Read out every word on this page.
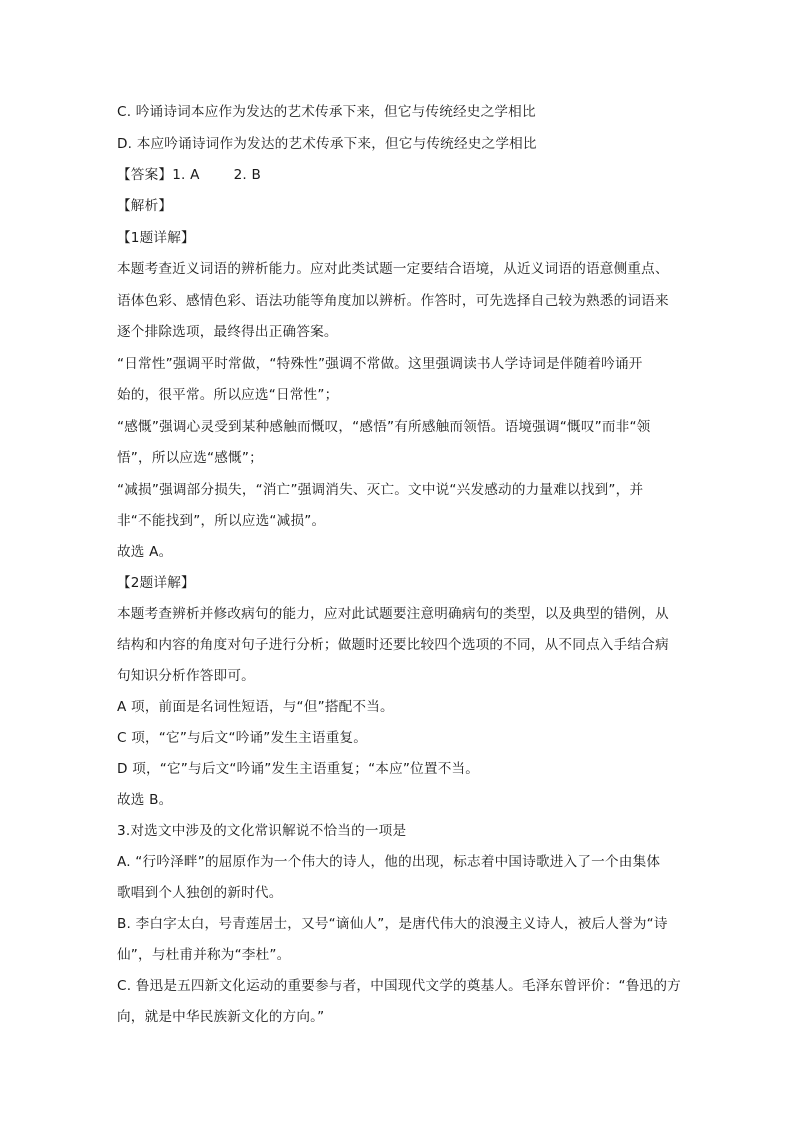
C. 吟诵诗词本应作为发达的艺术传承下来，但它与传统经史之学相比
D. 本应吟诵诗词作为发达的艺术传承下来，但它与传统经史之学相比
【答案】1. A	2. B
【解析】
【1题详解】
本题考查近义词语的辨析能力。应对此类试题一定要结合语境，从近义词语的语意侧重点、
语体色彩、感情色彩、语法功能等角度加以辨析。作答时，可先选择自己较为熟悉的词语来
逐个排除选项，最终得出正确答案。
“日常性”强调平时常做，“特殊性”强调不常做。这里强调读书人学诗词是伴随着吟诵开
始的，很平常。所以应选“日常性”；
“感慨”强调心灵受到某种感触而慨叹，“感悟”有所感触而领悟。语境强调“慨叹”而非“领
悟”，所以应选“感慨”；
“减损”强调部分损失，“消亡”强调消失、灭亡。文中说“兴发感动的力量难以找到”，并
非“不能找到”，所以应选“减损”。
故选 A。
【2题详解】
本题考查辨析并修改病句的能力，应对此试题要注意明确病句的类型，以及典型的错例，从
结构和内容的角度对句子进行分析；做题时还要比较四个选项的不同，从不同点入手结合病
句知识分析作答即可。
A 项，前面是名词性短语，与“但”搭配不当。
C 项，“它”与后文“吟诵”发生主语重复。
D 项，“它”与后文“吟诵”发生主语重复；“本应”位置不当。
故选 B。
3.对选文中涉及的文化常识解说不恰当的一项是
A. “行吟泽畔”的屈原作为一个伟大的诗人，他的出现，标志着中国诗歌进入了一个由集体
歌唱到个人独创的新时代。
B. 李白字太白，号青莲居士，又号“谪仙人”，是唐代伟大的浪漫主义诗人，被后人誉为“诗
仙”，与杜甫并称为“李杜”。
C. 鲁迅是五四新文化运动的重要参与者，中国现代文学的奠基人。毛泽东曾评价：“鲁迅的方
向，就是中华民族新文化的方向。”
